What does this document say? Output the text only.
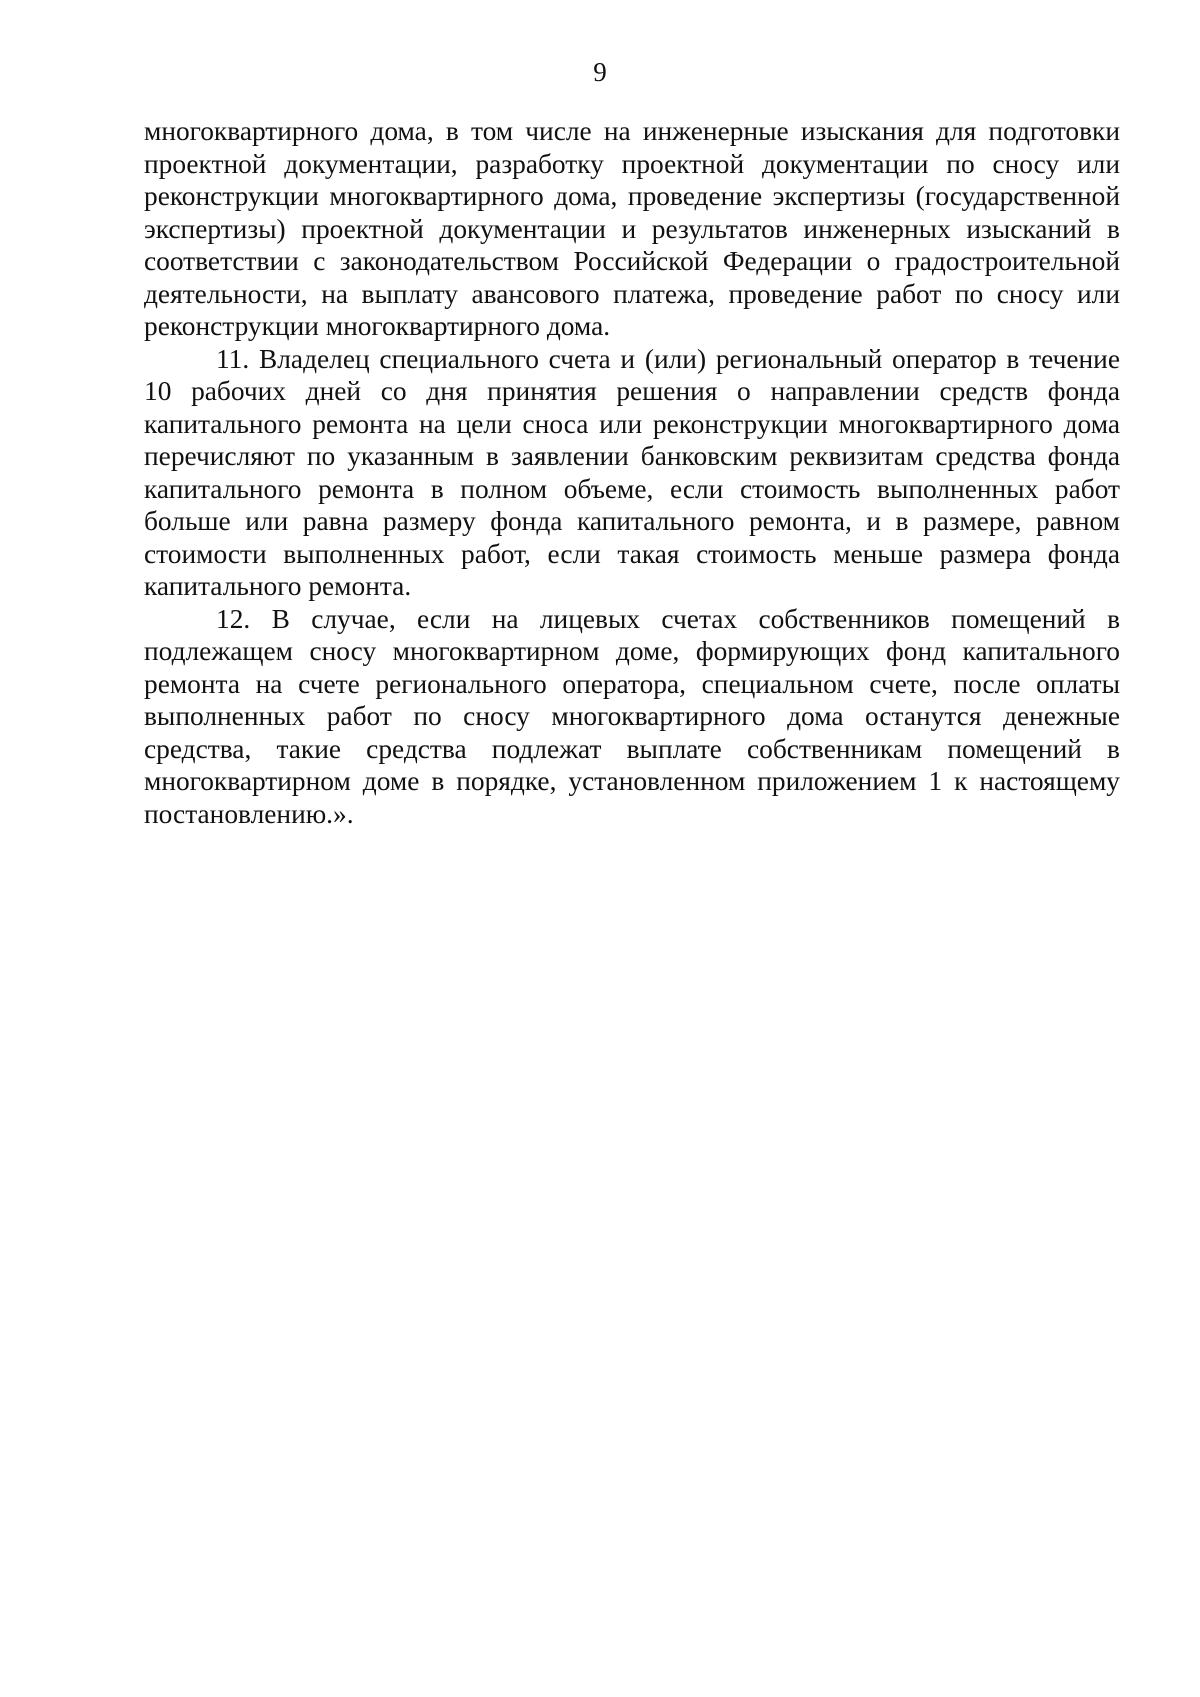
9

многоквартирного дома, в том числе на инженерные изыскания для подготовки проектной документации, разработку проектной документации по сносу или реконструкции многоквартирного дома, проведение экспертизы (государственной экспертизы) проектной документации и результатов инженерных изысканий в соответствии с законодательством Российской Федерации о градостроительной деятельности, на выплату авансового платежа, проведение работ по сносу или реконструкции многоквартирного дома.

11. Владелец специального счета и (или) региональный оператор в течение 10 рабочих дней со дня принятия решения о направлении средств фонда капитального ремонта на цели сноса или реконструкции многоквартирного дома перечисляют по указанным в заявлении банковским реквизитам средства фонда капитального ремонта в полном объеме, если стоимость выполненных работ больше или равна размеру фонда капитального ремонта, и в размере, равном стоимости выполненных работ, если такая стоимость меньше размера фонда капитального ремонта.

12. В случае, если на лицевых счетах собственников помещений в подлежащем сносу многоквартирном доме, формирующих фонд капитального ремонта на счете регионального оператора, специальном счете, после оплаты выполненных работ по сносу многоквартирного дома останутся денежные средства, такие средства подлежат выплате собственникам помещений в многоквартирном доме в порядке, установленном приложением 1 к настоящему постановлению.».
